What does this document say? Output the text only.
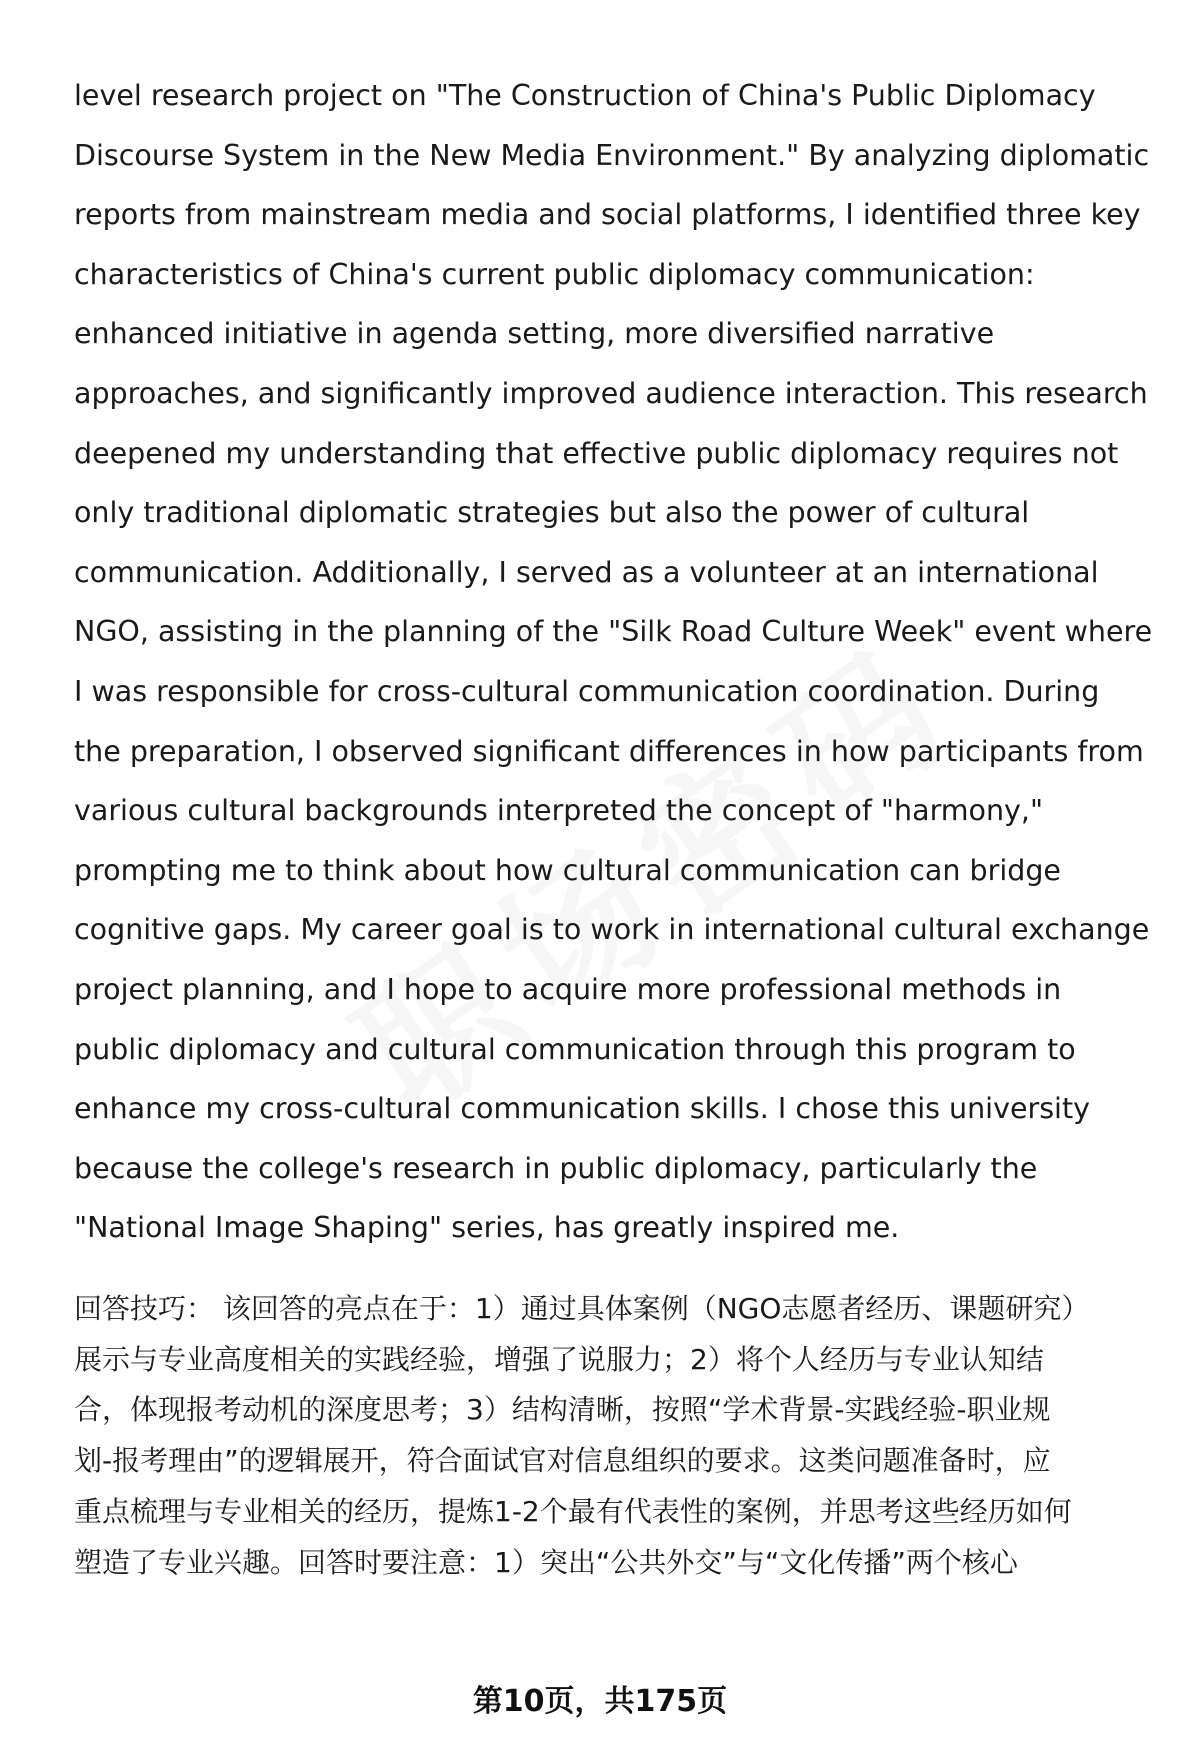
level research project on "The Construction of China's Public Diplomacy
Discourse System in the New Media Environment." By analyzing diplomatic
reports from mainstream media and social platforms, I identified three key
characteristics of China's current public diplomacy communication:
enhanced initiative in agenda setting, more diversified narrative
approaches, and significantly improved audience interaction. This research
deepened my understanding that effective public diplomacy requires not
only traditional diplomatic strategies but also the power of cultural
communication. Additionally, I served as a volunteer at an international
NGO, assisting in the planning of the "Silk Road Culture Week" event where
I was responsible for cross-cultural communication coordination. During
the preparation, I observed significant differences in how participants from
various cultural backgrounds interpreted the concept of "harmony,"
prompting me to think about how cultural communication can bridge
cognitive gaps. My career goal is to work in international cultural exchange
project planning, and I hope to acquire more professional methods in
public diplomacy and cultural communication through this program to
enhance my cross-cultural communication skills. I chose this university
because the college's research in public diplomacy, particularly the
"National Image Shaping" series, has greatly inspired me.
回答技巧： 该回答的亮点在于：1）通过具体案例（NGO志愿者经历、课题研究）
展示与专业高度相关的实践经验，增强了说服力；2）将个人经历与专业认知结
合，体现报考动机的深度思考；3）结构清晰，按照“学术背景-实践经验-职业规
划-报考理由”的逻辑展开，符合面试官对信息组织的要求。这类问题准备时，应
重点梳理与专业相关的经历，提炼1-2个最有代表性的案例，并思考这些经历如何
塑造了专业兴趣。回答时要注意：1）突出“公共外交”与“文化传播”两个核心
第10页，共175页
